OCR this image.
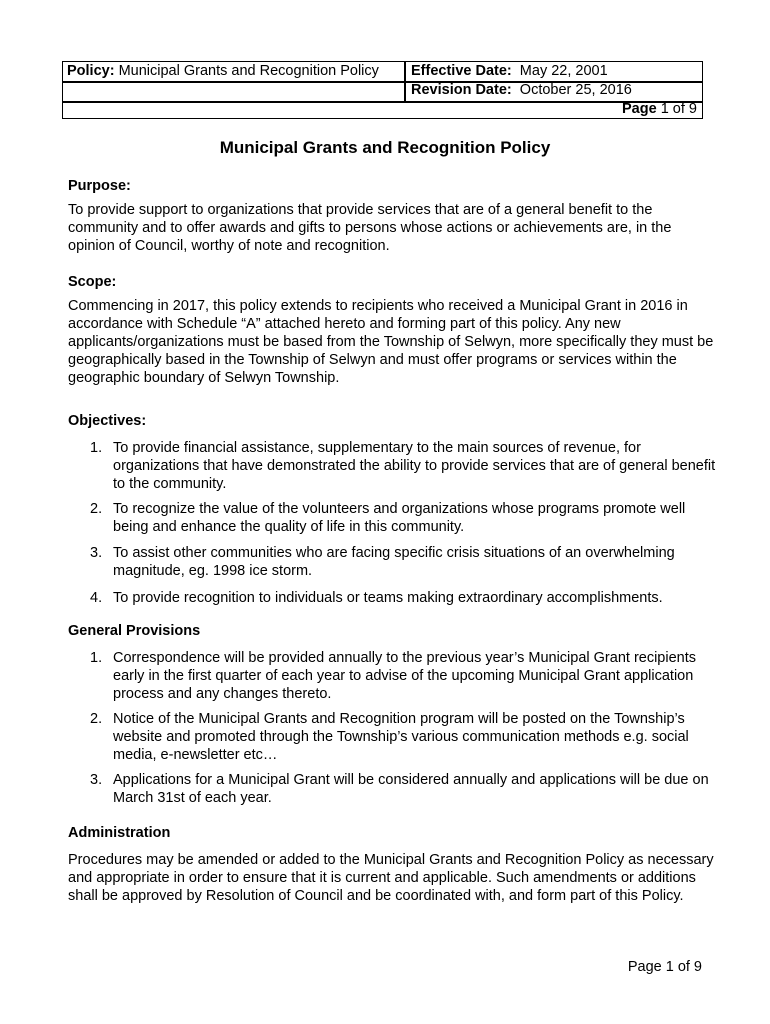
Policy: Municipal Grants and Recognition Policy Effective Date: May 22, 2001
Revision Date: October 25, 2016
Page 1 of 9
Municipal Grants and Recognition Policy
Purpose:
To provide support to organizations that provide services that are of a general benefit to the community and to offer awards and gifts to persons whose actions or achievements are, in the opinion of Council, worthy of note and recognition.
Scope:
Commencing in 2017, this policy extends to recipients who received a Municipal Grant in 2016 in accordance with Schedule “A” attached hereto and forming part of this policy. Any new applicants/organizations must be based from the Township of Selwyn, more specifically they must be geographically based in the Township of Selwyn and must offer programs or services within the geographic boundary of Selwyn Township.
Objectives:
1. To provide financial assistance, supplementary to the main sources of revenue, for organizations that have demonstrated the ability to provide services that are of general benefit to the community.
2. To recognize the value of the volunteers and organizations whose programs promote well being and enhance the quality of life in this community.
3. To assist other communities who are facing specific crisis situations of an overwhelming magnitude, eg. 1998 ice storm.
4. To provide recognition to individuals or teams making extraordinary accomplishments.
General Provisions
1. Correspondence will be provided annually to the previous year’s Municipal Grant recipients early in the first quarter of each year to advise of the upcoming Municipal Grant application process and any changes thereto.
2. Notice of the Municipal Grants and Recognition program will be posted on the Township’s website and promoted through the Township’s various communication methods e.g. social media, e-newsletter etc…
3. Applications for a Municipal Grant will be considered annually and applications will be due on March 31st of each year.
Administration
Procedures may be amended or added to the Municipal Grants and Recognition Policy as necessary and appropriate in order to ensure that it is current and applicable. Such amendments or additions shall be approved by Resolution of Council and be coordinated with, and form part of this Policy.
Page 1 of 9
